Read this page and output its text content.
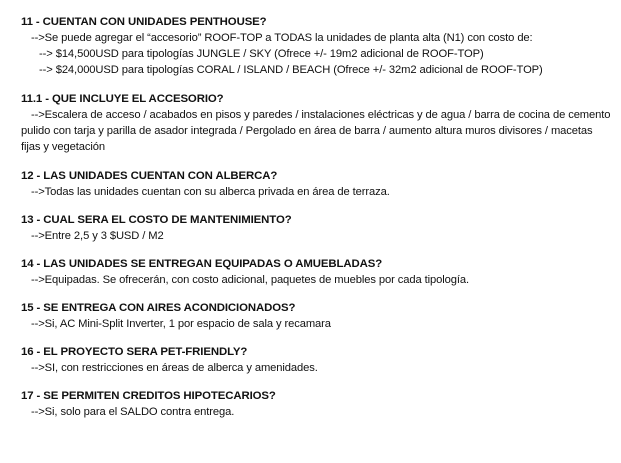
11 - CUENTAN CON UNIDADES PENTHOUSE?
-->Se puede agregar el “accesorio” ROOF-TOP a TODAS la unidades de planta alta (N1) con costo de:
--> $14,500USD para tipologías JUNGLE / SKY (Ofrece +/- 19m2 adicional de ROOF-TOP)
--> $24,000USD para tipologías CORAL / ISLAND / BEACH (Ofrece +/- 32m2 adicional de ROOF-TOP)
11.1 - QUE INCLUYE EL ACCESORIO?
-->Escalera de acceso / acabados en pisos y paredes / instalaciones eléctricas y de agua / barra de cocina de cemento pulido con tarja y parilla de asador integrada / Pergolado en área de barra / aumento altura muros divisores / macetas fijas y vegetación
12 - LAS UNIDADES CUENTAN CON ALBERCA?
-->Todas las unidades cuentan con su alberca privada en área de terraza.
13 - CUAL SERA EL COSTO DE MANTENIMIENTO?
-->Entre 2,5 y 3 $USD / M2
14 - LAS UNIDADES SE ENTREGAN EQUIPADAS O AMUEBLADAS?
-->Equipadas. Se ofrecerán, con costo adicional, paquetes de muebles por cada tipología.
15 - SE ENTREGA CON AIRES ACONDICIONADOS?
-->Si, AC Mini-Split Inverter, 1 por espacio de sala y recamara
16 - EL PROYECTO SERA PET-FRIENDLY?
-->SI, con restricciones en áreas de alberca y amenidades.
17 - SE PERMITEN CREDITOS HIPOTECARIOS?
-->Si, solo para el SALDO contra entrega.
